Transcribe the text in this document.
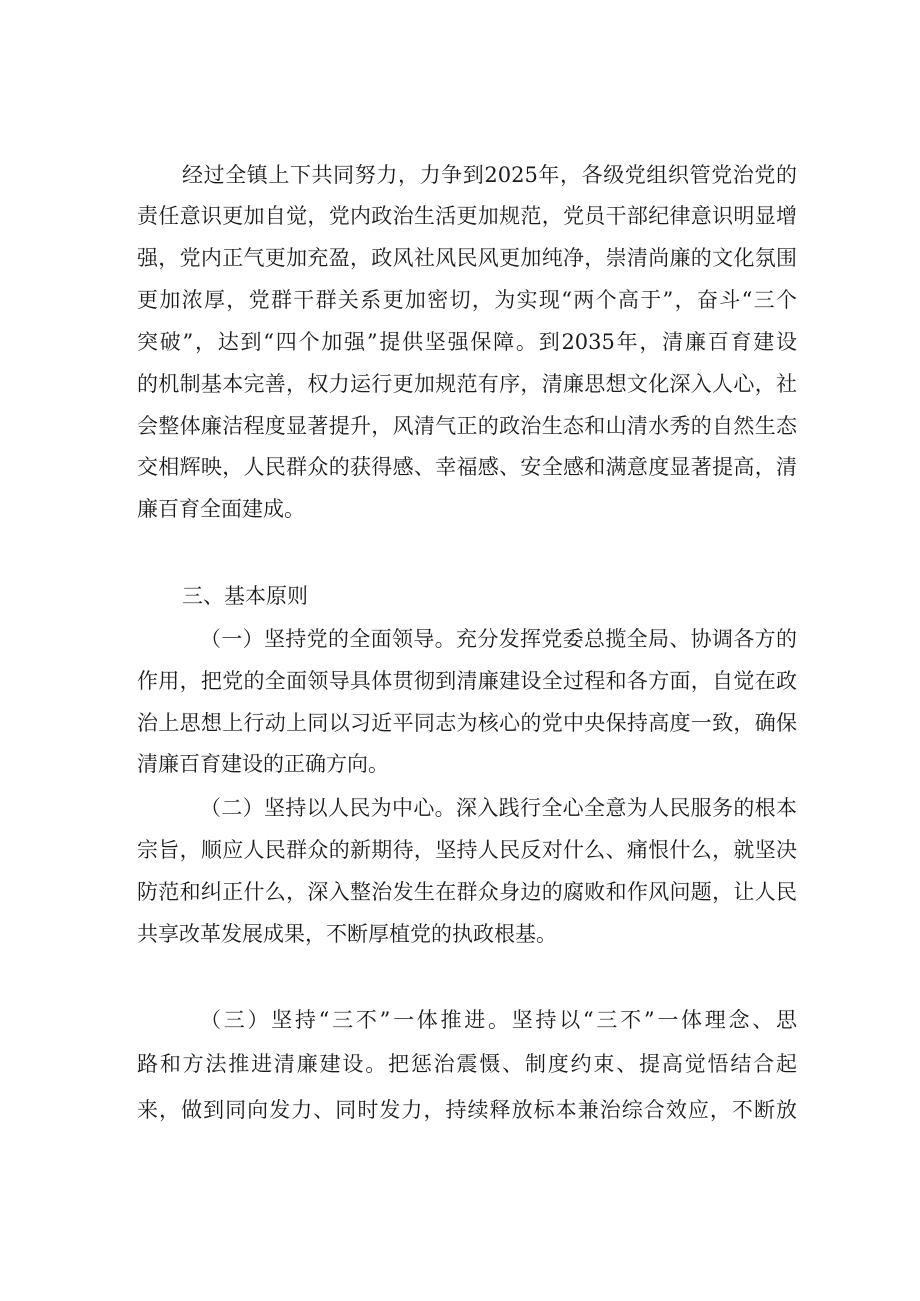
经过全镇上下共同努力，力争到2025年，各级党组织管党治党的
责任意识更加自觉，党内政治生活更加规范，党员干部纪律意识明显增
强，党内正气更加充盈，政风社风民风更加纯净，崇清尚廉的文化氛围
更加浓厚，党群干群关系更加密切，为实现“两个高于”，奋斗“三个
突破”，达到“四个加强”提供坚强保障。到2035年，清廉百育建设
的机制基本完善，权力运行更加规范有序，清廉思想文化深入人心，社
会整体廉洁程度显著提升，风清气正的政治生态和山清水秀的自然生态
交相辉映，人民群众的获得感、幸福感、安全感和满意度显著提高，清
廉百育全面建成。
三、基本原则
（一）坚持党的全面领导。充分发挥党委总揽全局、协调各方的
作用，把党的全面领导具体贯彻到清廉建设全过程和各方面，自觉在政
治上思想上行动上同以习近平同志为核心的党中央保持高度一致，确保
清廉百育建设的正确方向。
（二）坚持以人民为中心。深入践行全心全意为人民服务的根本
宗旨，顺应人民群众的新期待，坚持人民反对什么、痛恨什么，就坚决
防范和纠正什么，深入整治发生在群众身边的腐败和作风问题，让人民
共享改革发展成果，不断厚植党的执政根基。
（三）坚持“三不”一体推进。坚持以“三不”一体理念、思
路和方法推进清廉建设。把惩治震慑、制度约束、提高觉悟结合起
来，做到同向发力、同时发力，持续释放标本兼治综合效应，不断放
